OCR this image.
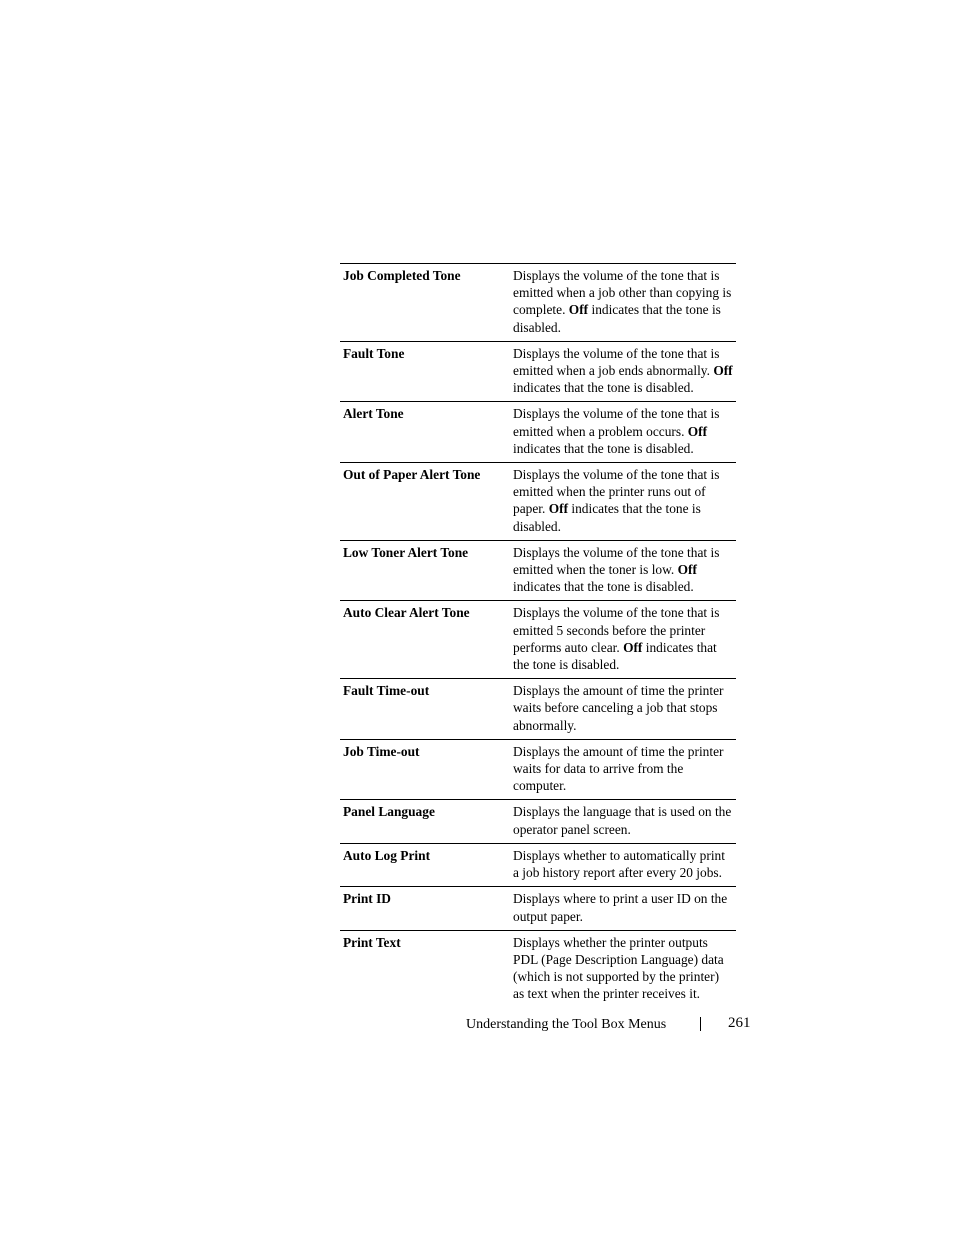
Job Completed Tone	Displays the volume of the tone that is emitted when a job other than copying is complete. Off indicates that the tone is disabled.
Fault Tone	Displays the volume of the tone that is emitted when a job ends abnormally. Off indicates that the tone is disabled.
Alert Tone	Displays the volume of the tone that is emitted when a problem occurs. Off indicates that the tone is disabled.
Out of Paper Alert Tone	Displays the volume of the tone that is emitted when the printer runs out of paper. Off indicates that the tone is disabled.
Low Toner Alert Tone	Displays the volume of the tone that is emitted when the toner is low. Off indicates that the tone is disabled.
Auto Clear Alert Tone	Displays the volume of the tone that is emitted 5 seconds before the printer performs auto clear. Off indicates that the tone is disabled.
Fault Time-out	Displays the amount of time the printer waits before canceling a job that stops abnormally.
Job Time-out	Displays the amount of time the printer waits for data to arrive from the computer.
Panel Language	Displays the language that is used on the operator panel screen.
Auto Log Print	Displays whether to automatically print a job history report after every 20 jobs.
Print ID	Displays where to print a user ID on the output paper.
Print Text	Displays whether the printer outputs PDL (Page Description Language) data (which is not supported by the printer) as text when the printer receives it.
Understanding the Tool Box Menus	261
